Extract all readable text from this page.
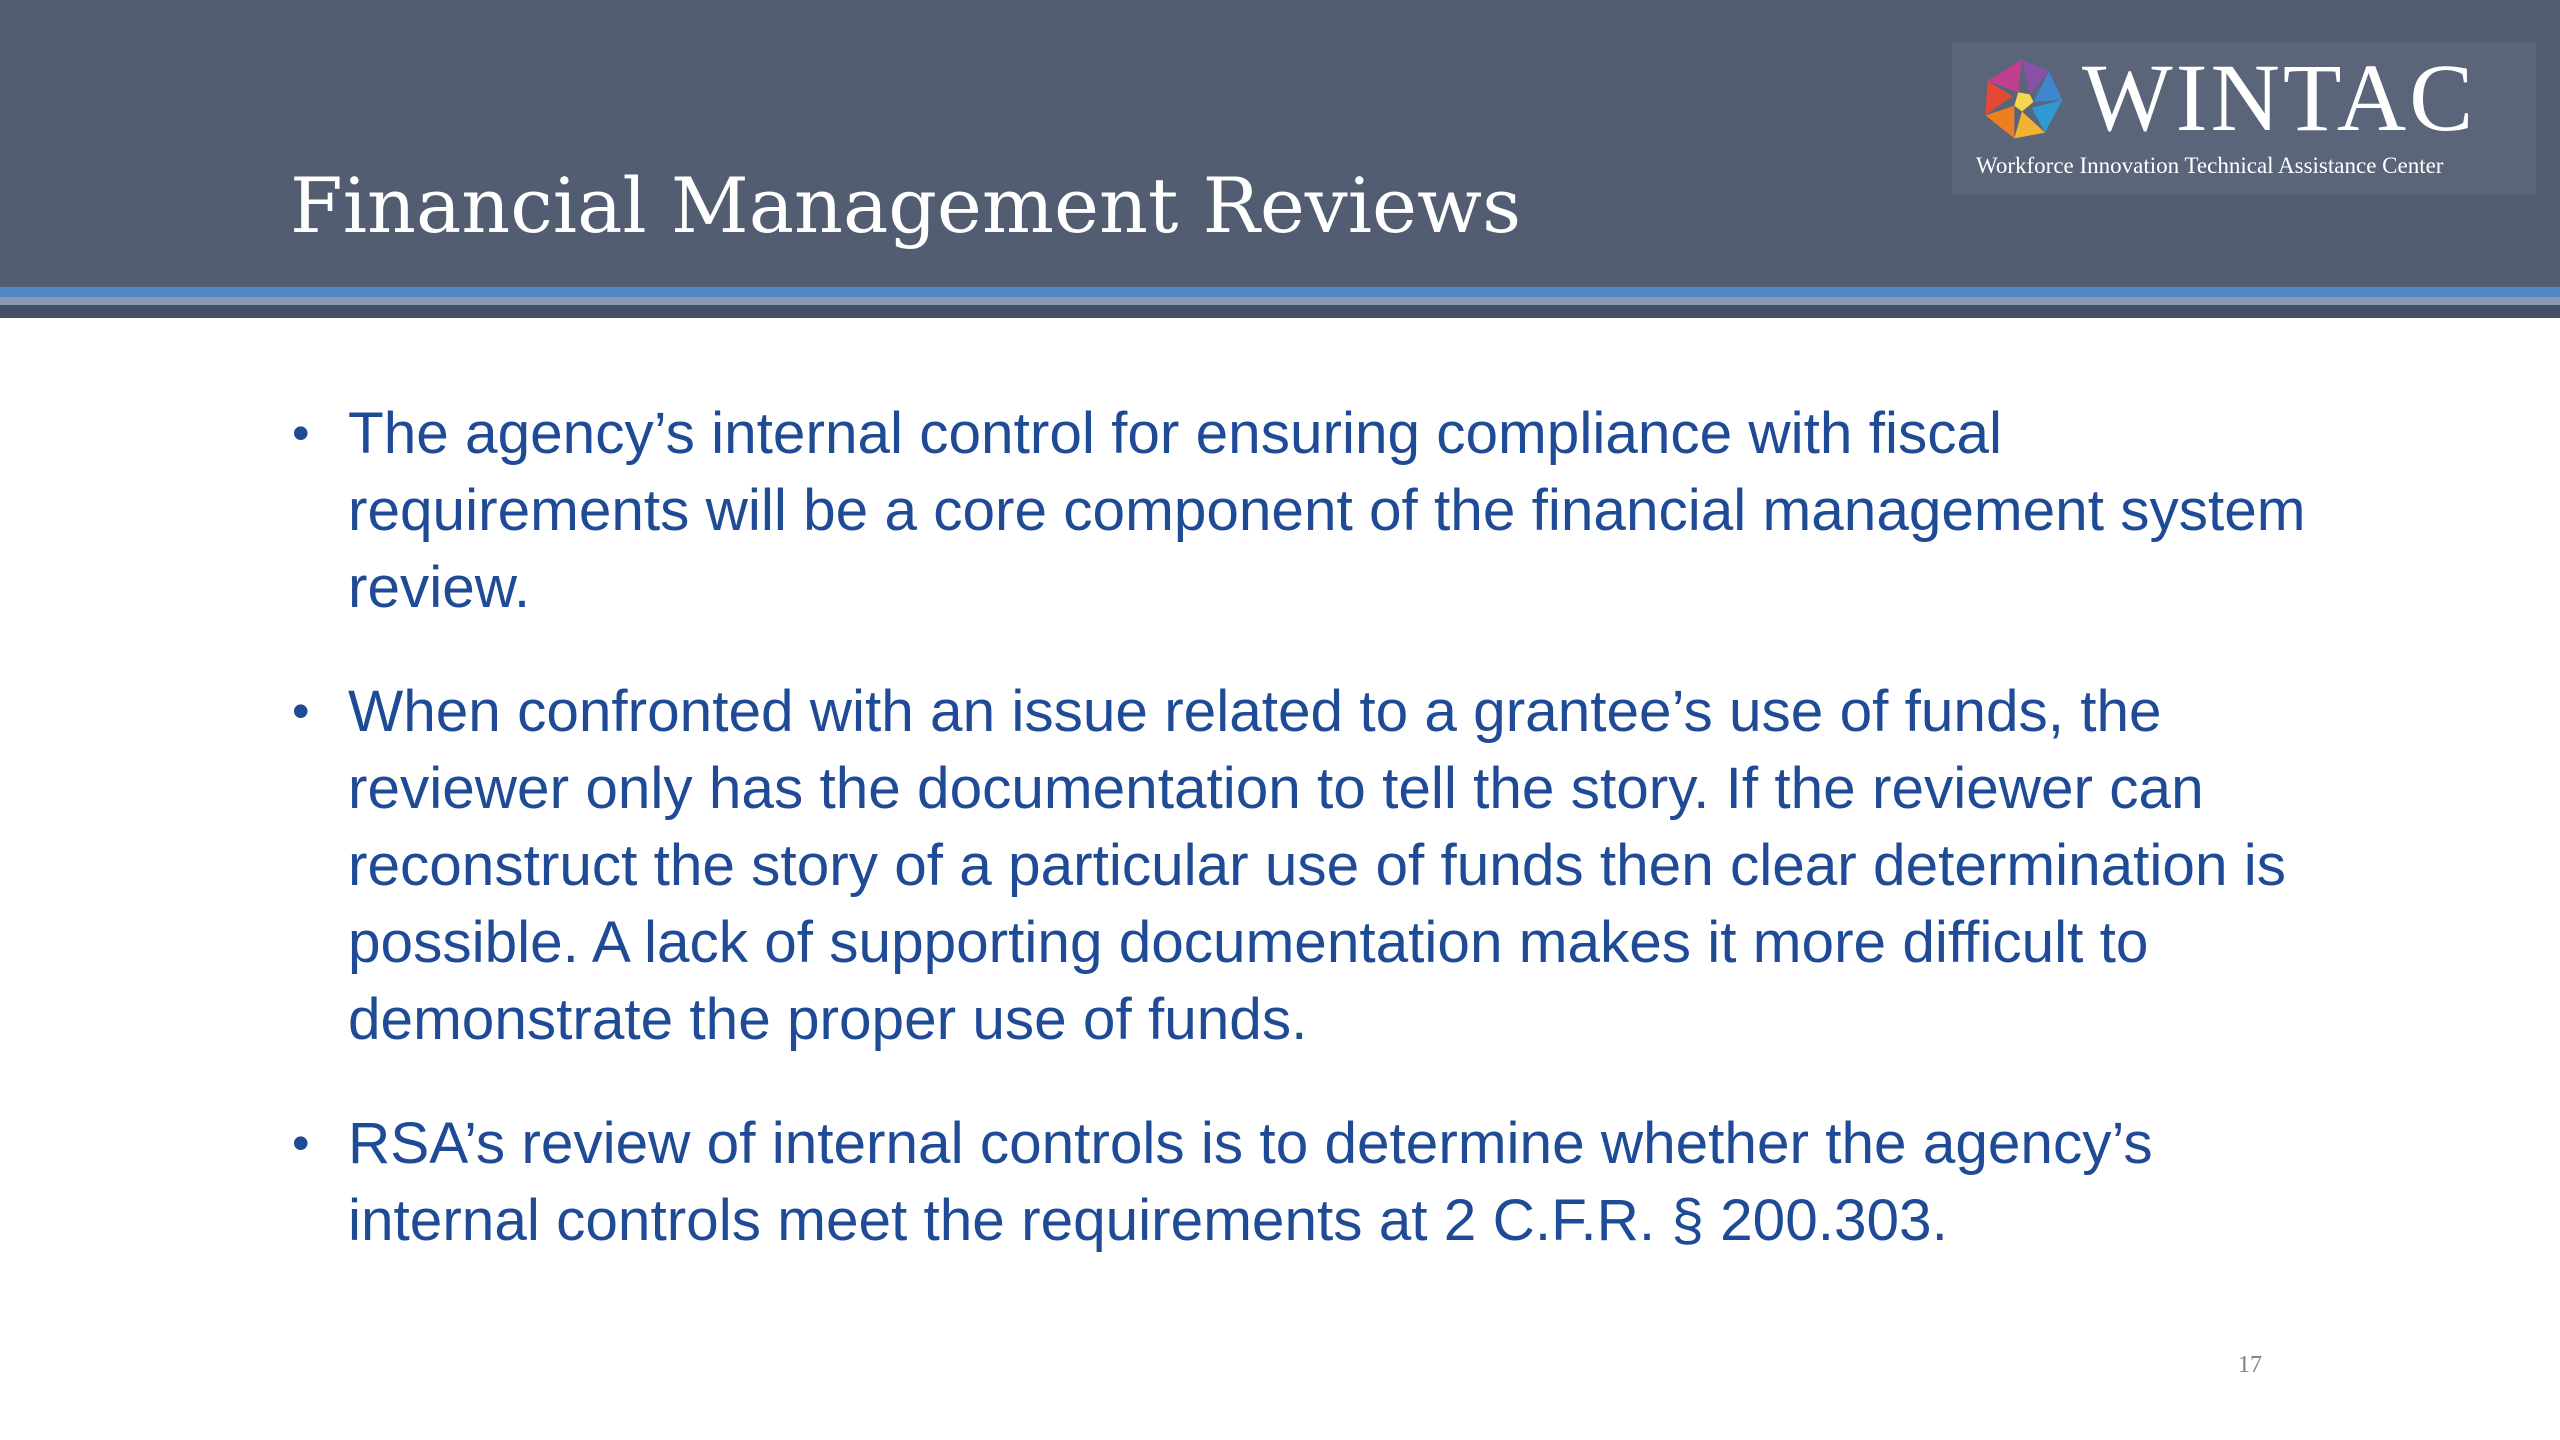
Financial Management Reviews
WINTAC
Workforce Innovation Technical Assistance Center
• The agency’s internal control for ensuring compliance with fiscal requirements will be a core component of the financial management system review.
• When confronted with an issue related to a grantee’s use of funds, the reviewer only has the documentation to tell the story. If the reviewer can reconstruct the story of a particular use of funds then clear determination is possible. A lack of supporting documentation makes it more difficult to demonstrate the proper use of funds.
• RSA’s review of internal controls is to determine whether the agency’s internal controls meet the requirements at 2 C.F.R. § 200.303.
17
